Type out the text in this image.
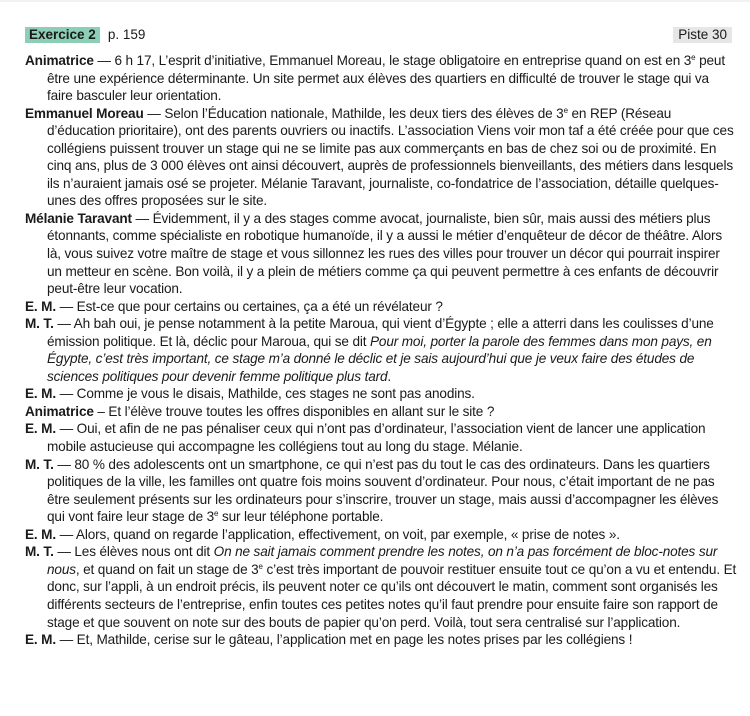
Exercice 2 p. 159	Piste 30

Animatrice — 6 h 17, L’esprit d’initiative, Emmanuel Moreau, le stage obligatoire en entreprise quand on est en 3e peut être une expérience déterminante. Un site permet aux élèves des quartiers en difficulté de trouver le stage qui va faire basculer leur orientation.

Emmanuel Moreau — Selon l’Éducation nationale, Mathilde, les deux tiers des élèves de 3e en REP (Réseau d’éducation prioritaire), ont des parents ouvriers ou inactifs. L’association Viens voir mon taf a été créée pour que ces collégiens puissent trouver un stage qui ne se limite pas aux commerçants en bas de chez soi ou de proximité. En cinq ans, plus de 3 000 élèves ont ainsi découvert, auprès de professionnels bienveillants, des métiers dans lesquels ils n’auraient jamais osé se projeter. Mélanie Taravant, journaliste, co-fondatrice de l’association, détaille quelques-unes des offres proposées sur le site.

Mélanie Taravant — Évidemment, il y a des stages comme avocat, journaliste, bien sûr, mais aussi des métiers plus étonnants, comme spécialiste en robotique humanoïde, il y a aussi le métier d’enquêteur de décor de théâtre. Alors là, vous suivez votre maître de stage et vous sillonnez les rues des villes pour trouver un décor qui pourrait inspirer un metteur en scène. Bon voilà, il y a plein de métiers comme ça qui peuvent permettre à ces enfants de découvrir peut-être leur vocation.

E. M. — Est-ce que pour certains ou certaines, ça a été un révélateur ?

M. T. — Ah bah oui, je pense notamment à la petite Maroua, qui vient d’Égypte ; elle a atterri dans les coulisses d’une émission politique. Et là, déclic pour Maroua, qui se dit Pour moi, porter la parole des femmes dans mon pays, en Égypte, c’est très important, ce stage m’a donné le déclic et je sais aujourd’hui que je veux faire des études de sciences politiques pour devenir femme politique plus tard.

E. M. — Comme je vous le disais, Mathilde, ces stages ne sont pas anodins.

Animatrice – Et l’élève trouve toutes les offres disponibles en allant sur le site ?

E. M. — Oui, et afin de ne pas pénaliser ceux qui n’ont pas d’ordinateur, l’association vient de lancer une application mobile astucieuse qui accompagne les collégiens tout au long du stage. Mélanie.

M. T. — 80 % des adolescents ont un smartphone, ce qui n’est pas du tout le cas des ordinateurs. Dans les quartiers politiques de la ville, les familles ont quatre fois moins souvent d’ordinateur. Pour nous, c’était important de ne pas être seulement présents sur les ordinateurs pour s’inscrire, trouver un stage, mais aussi d’accompagner les élèves qui vont faire leur stage de 3e sur leur téléphone portable.

E. M. — Alors, quand on regarde l’application, effectivement, on voit, par exemple, « prise de notes ».

M. T. — Les élèves nous ont dit On ne sait jamais comment prendre les notes, on n’a pas forcément de bloc-notes sur nous, et quand on fait un stage de 3e c’est très important de pouvoir restituer ensuite tout ce qu’on a vu et entendu. Et donc, sur l’appli, à un endroit précis, ils peuvent noter ce qu’ils ont découvert le matin, comment sont organisés les différents secteurs de l’entreprise, enfin toutes ces petites notes qu’il faut prendre pour ensuite faire son rapport de stage et que souvent on note sur des bouts de papier qu’on perd. Voilà, tout sera centralisé sur l’application.

E. M. — Et, Mathilde, cerise sur le gâteau, l’application met en page les notes prises par les collégiens !
